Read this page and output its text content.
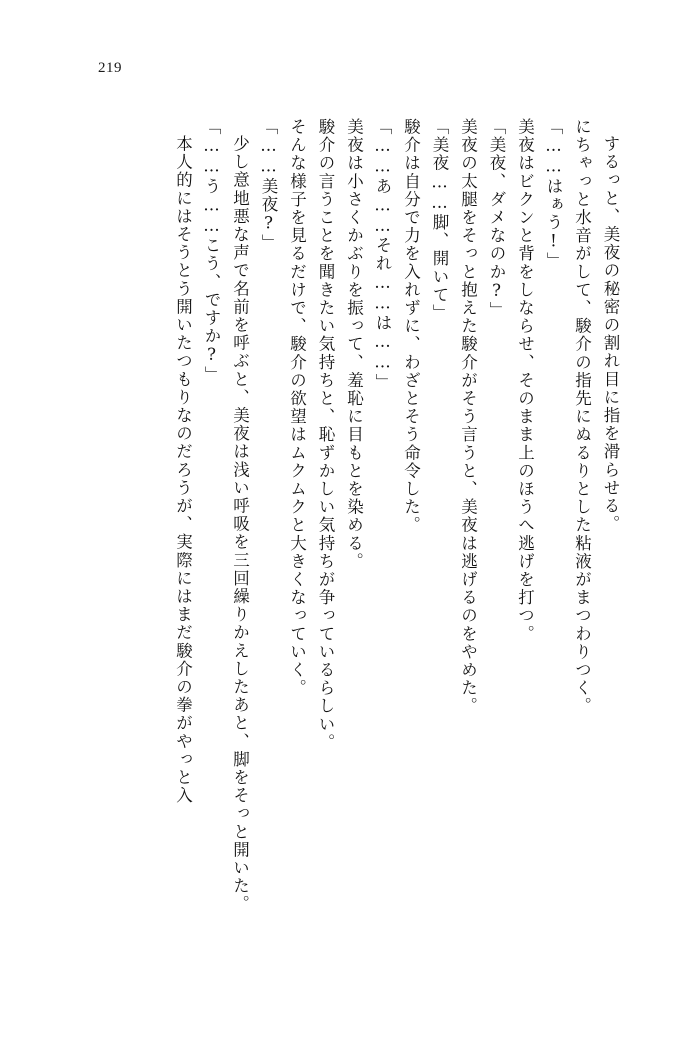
219

するっと、美夜の秘密の割れ目に指を滑らせる。

にちゃっと水音がして、駿介の指先にぬるりとした粘液がまつわりつく。

「……はぁう!」

美夜はビクンと背をしならせ、そのまま上のほうへ逃げを打つ。

「美夜、ダメなのか?」

美夜の太腿をそっと抱えた駿介がそう言うと、美夜は逃げるのをやめた。

「美夜……脚、開いて」

駿介は自分で力を入れずに、わざとそう命令した。

「……あ……それ……は……」

美夜は小さくかぶりを振って、羞恥に目もとを染める。

駿介の言うことを聞きたい気持ちと、恥ずかしい気持ちが争っているらしい。

そんな様子を見るだけで、駿介の欲望はムクムクと大きくなっていく。

「……美夜?」

少し意地悪な声で名前を呼ぶと、美夜は浅い呼吸を三回繰りかえしたあと、脚をそっと開いた。

「……う……こう、ですか?」

本人的にはそうとう開いたつもりなのだろうが、実際にはまだ駿介の拳がやっと入
